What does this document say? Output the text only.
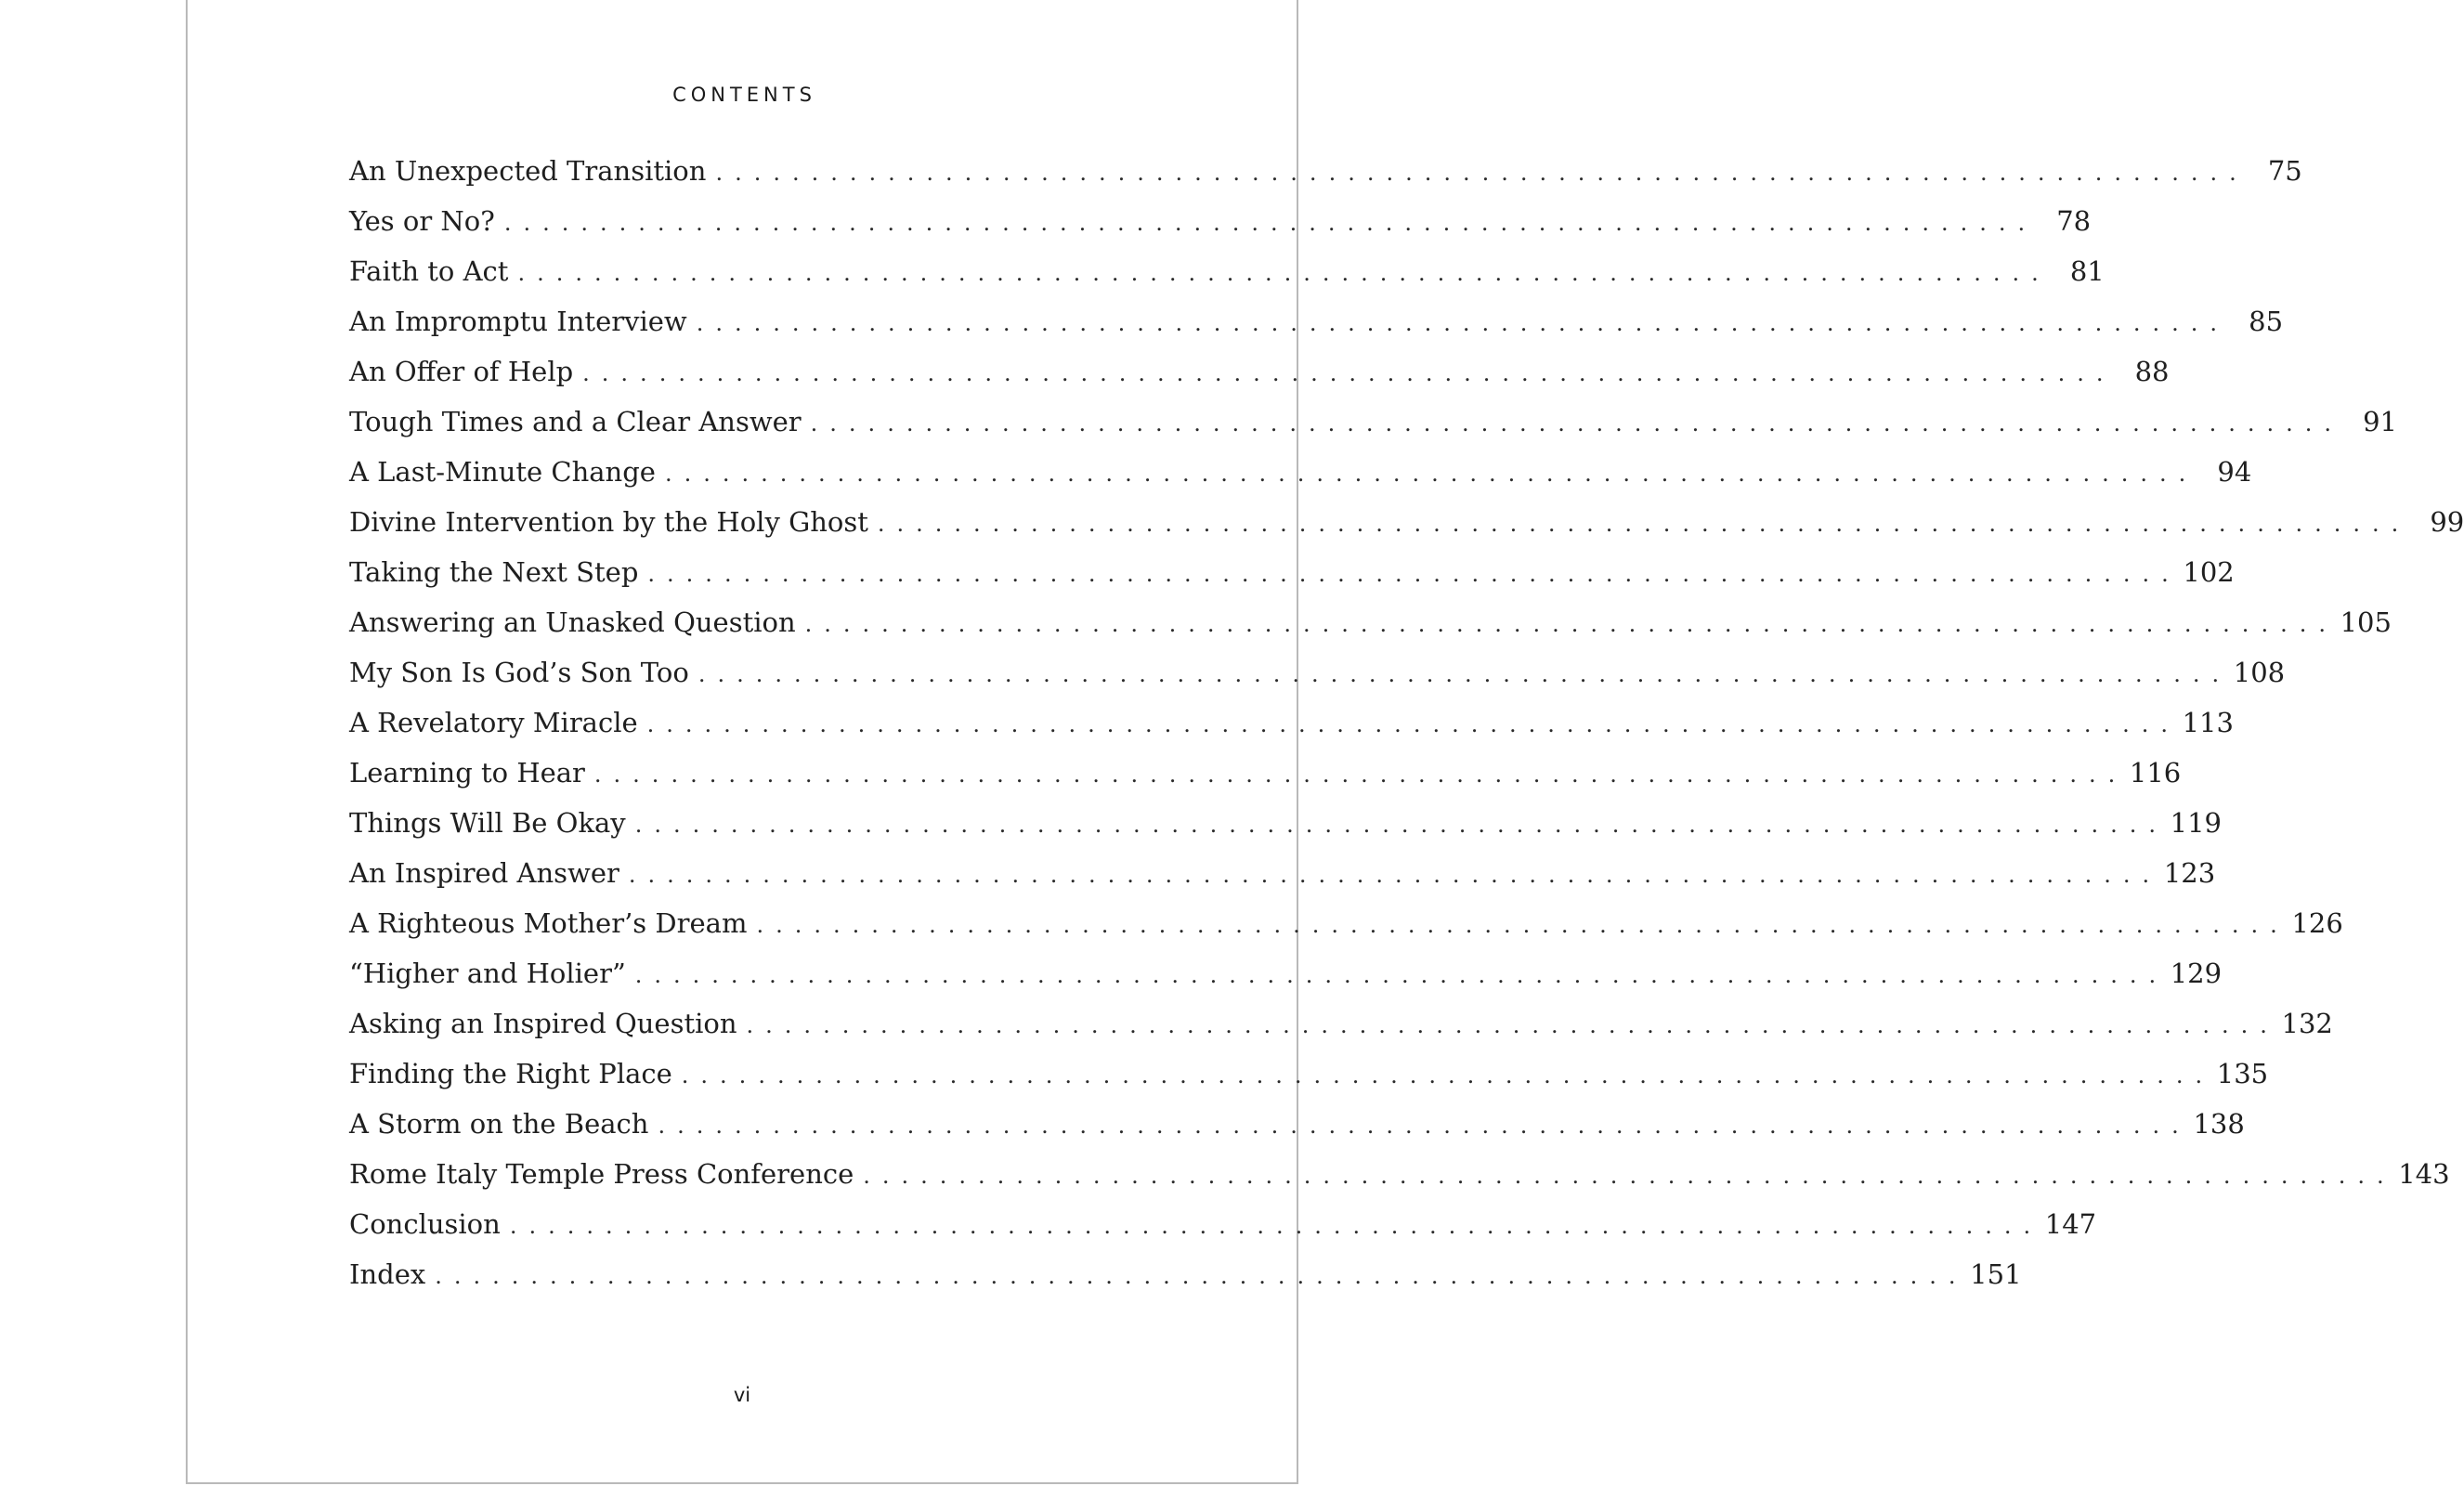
CONTENTS
An Unexpected Transition ................................................................................ 75
Yes or No? ................................................................................ 78
Faith to Act ................................................................................ 81
An Impromptu Interview ................................................................................ 85
An Offer of Help ................................................................................ 88
Tough Times and a Clear Answer ................................................................................ 91
A Last-Minute Change ................................................................................ 94
Divine Intervention by the Holy Ghost ................................................................................ 99
Taking the Next Step ................................................................................ 102
Answering an Unasked Question ................................................................................ 105
My Son Is God’s Son Too ................................................................................ 108
A Revelatory Miracle ................................................................................ 113
Learning to Hear ................................................................................ 116
Things Will Be Okay ................................................................................ 119
An Inspired Answer ................................................................................ 123
A Righteous Mother’s Dream ................................................................................ 126
“Higher and Holier” ................................................................................ 129
Asking an Inspired Question ................................................................................ 132
Finding the Right Place ................................................................................ 135
A Storm on the Beach ................................................................................ 138
Rome Italy Temple Press Conference ................................................................................ 143
Conclusion ................................................................................ 147
Index ................................................................................ 151
vi
